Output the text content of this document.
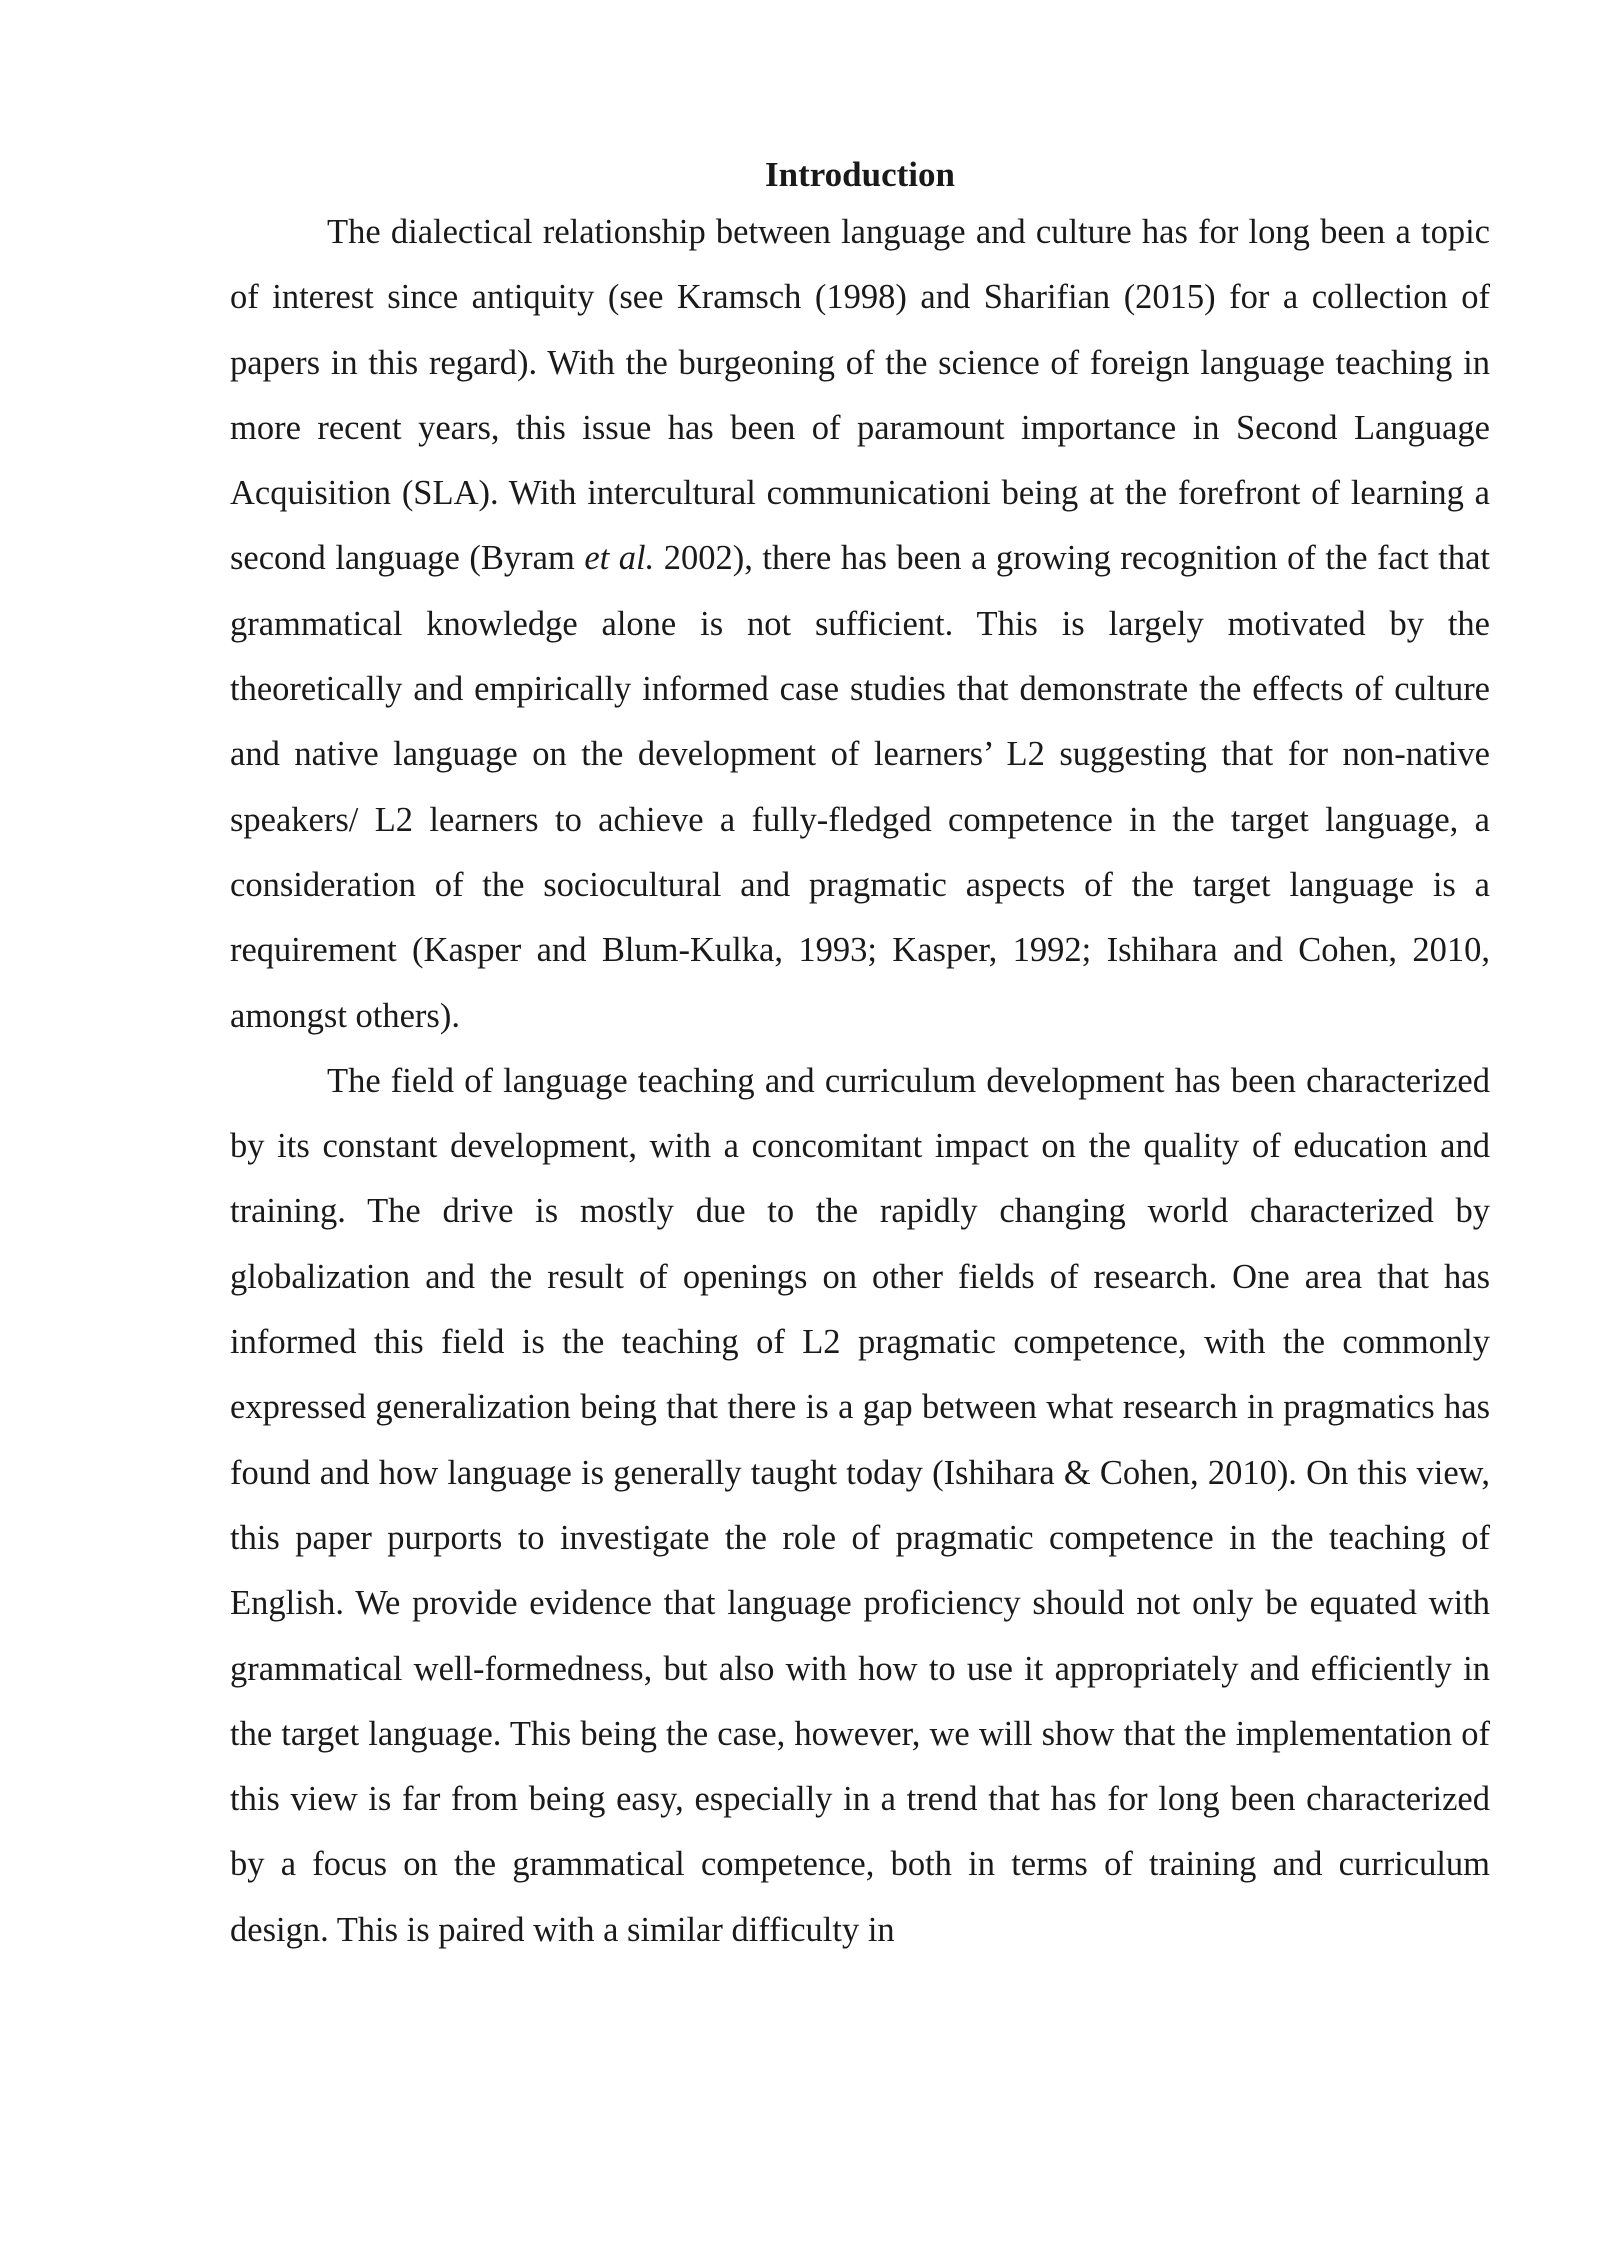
Introduction

The dialectical relationship between language and culture has for long been a topic of interest since antiquity (see Kramsch (1998) and Sharifian (2015) for a collection of papers in this regard). With the burgeoning of the science of foreign language teaching in more recent years, this issue has been of paramount importance in Second Language Acquisition (SLA). With intercultural communicationi being at the forefront of learning a second language (Byram et al. 2002), there has been a growing recognition of the fact that grammatical knowledge alone is not sufficient. This is largely motivated by the theoretically and empirically informed case studies that demonstrate the effects of culture and native language on the development of learners’ L2 suggesting that for non-native speakers/ L2 learners to achieve a fully-fledged competence in the target language, a consideration of the sociocultural and pragmatic aspects of the target language is a requirement (Kasper and Blum-Kulka, 1993; Kasper, 1992; Ishihara and Cohen, 2010, amongst others).

The field of language teaching and curriculum development has been characterized by its constant development, with a concomitant impact on the quality of education and training. The drive is mostly due to the rapidly changing world characterized by globalization and the result of openings on other fields of research. One area that has informed this field is the teaching of L2 pragmatic competence, with the commonly expressed generalization being that there is a gap between what research in pragmatics has found and how language is generally taught today (Ishihara & Cohen, 2010). On this view, this paper purports to investigate the role of pragmatic competence in the teaching of English. We provide evidence that language proficiency should not only be equated with grammatical well-formedness, but also with how to use it appropriately and efficiently in the target language. This being the case, however, we will show that the implementation of this view is far from being easy, especially in a trend that has for long been characterized by a focus on the grammatical competence, both in terms of training and curriculum design. This is paired with a similar difficulty in
